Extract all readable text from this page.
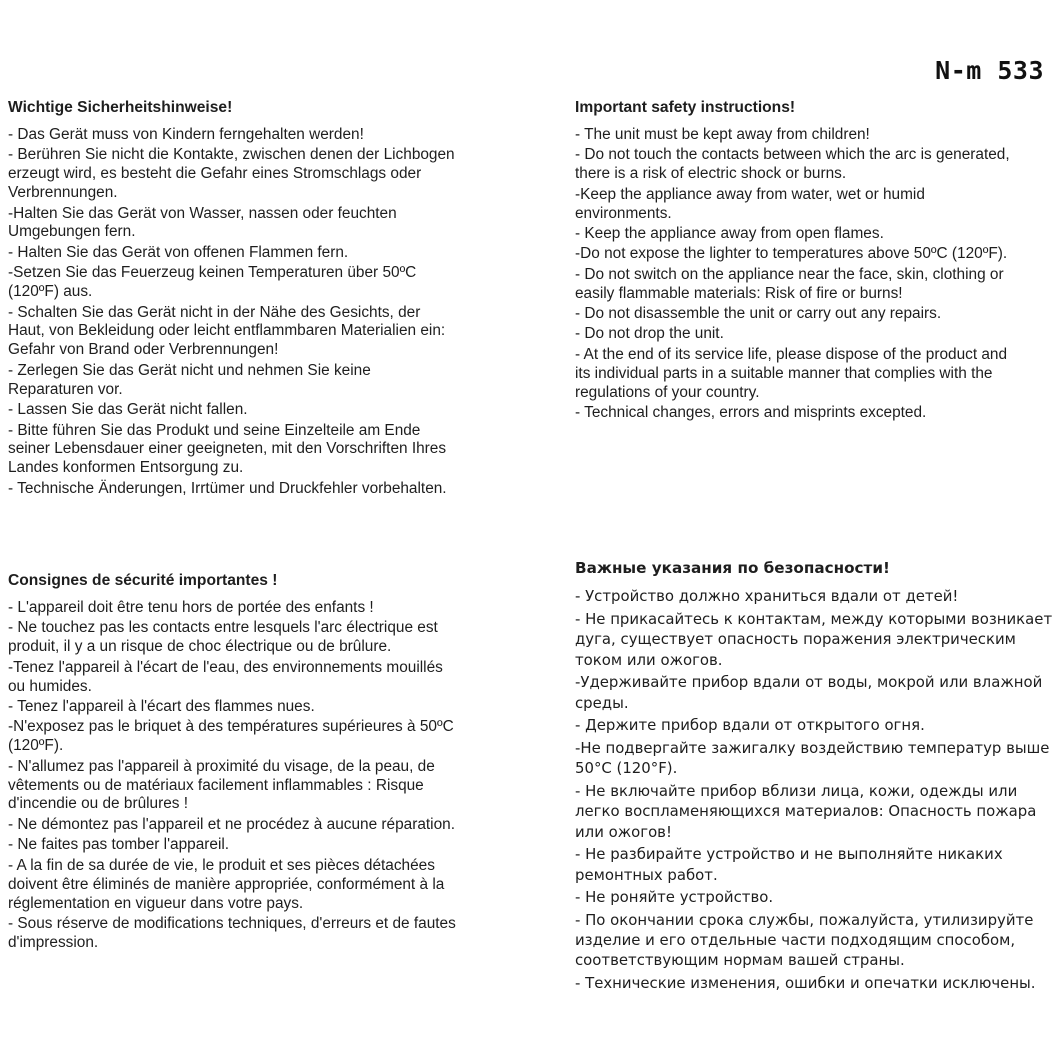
N-m 533
Wichtige Sicherheitshinweise!
- Das Gerät muss von Kindern ferngehalten werden!
- Berühren Sie nicht die Kontakte, zwischen denen der Lichbogen erzeugt wird, es besteht die Gefahr eines Stromschlags oder Verbrennungen.
-Halten Sie das Gerät von Wasser, nassen oder feuchten Umgebungen fern.
- Halten Sie das Gerät von offenen Flammen fern.
-Setzen Sie das Feuerzeug keinen Temperaturen über 50ºC (120ºF) aus.
- Schalten Sie das Gerät nicht in der Nähe des Gesichts, der Haut, von Bekleidung oder leicht entflammbaren Materialien ein: Gefahr von Brand oder Verbrennungen!
- Zerlegen Sie das Gerät nicht und nehmen Sie keine Reparaturen vor.
- Lassen Sie das Gerät nicht fallen.
- Bitte führen Sie das Produkt und seine Einzelteile am Ende seiner Lebensdauer einer geeigneten, mit den Vorschriften Ihres Landes konformen Entsorgung zu.
- Technische Änderungen, Irrtümer und Druckfehler vorbehalten.
Important safety instructions!
- The unit must be kept away from children!
- Do not touch the contacts between which the arc is generated, there is a risk of electric shock or burns.
-Keep the appliance away from water, wet or humid environments.
- Keep the appliance away from open flames.
-Do not expose the lighter to temperatures above 50ºC (120ºF).
- Do not switch on the appliance near the face, skin, clothing or easily flammable materials: Risk of fire or burns!
- Do not disassemble the unit or carry out any repairs.
- Do not drop the unit.
- At the end of its service life, please dispose of the product and its individual parts in a suitable manner that complies with the regulations of your country.
- Technical changes, errors and misprints excepted.
Consignes de sécurité importantes !
- L'appareil doit être tenu hors de portée des enfants !
- Ne touchez pas les contacts entre lesquels l'arc électrique est produit, il y a un risque de choc électrique ou de brûlure.
-Tenez l'appareil à l'écart de l'eau, des environnements mouillés ou humides.
- Tenez l'appareil à l'écart des flammes nues.
-N'exposez pas le briquet à des températures supérieures à 50ºC (120ºF).
- N'allumez pas l'appareil à proximité du visage, de la peau, de vêtements ou de matériaux facilement inflammables : Risque d'incendie ou de brûlures !
- Ne démontez pas l'appareil et ne procédez à aucune réparation.
- Ne faites pas tomber l'appareil.
- A la fin de sa durée de vie, le produit et ses pièces détachées doivent être éliminés de manière appropriée, conformément à la réglementation en vigueur dans votre pays.
- Sous réserve de modifications techniques, d'erreurs et de fautes d'impression.
Важные указания по безопасности!
- Устройство должно храниться вдали от детей!
- Не прикасайтесь к контактам, между которыми возникает дуга, существует опасность поражения электрическим током или ожогов.
-Удерживайте прибор вдали от воды, мокрой или влажной среды.
- Держите прибор вдали от открытого огня.
-Не подвергайте зажигалку воздействию температур выше 50°C (120°F).
- Не включайте прибор вблизи лица, кожи, одежды или легко воспламеняющихся материалов: Опасность пожара или ожогов!
- Не разбирайте устройство и не выполняйте никаких ремонтных работ.
- Не роняйте устройство.
- По окончании срока службы, пожалуйста, утилизируйте изделие и его отдельные части подходящим способом, соответствующим нормам вашей страны.
- Технические изменения, ошибки и опечатки исключены.
